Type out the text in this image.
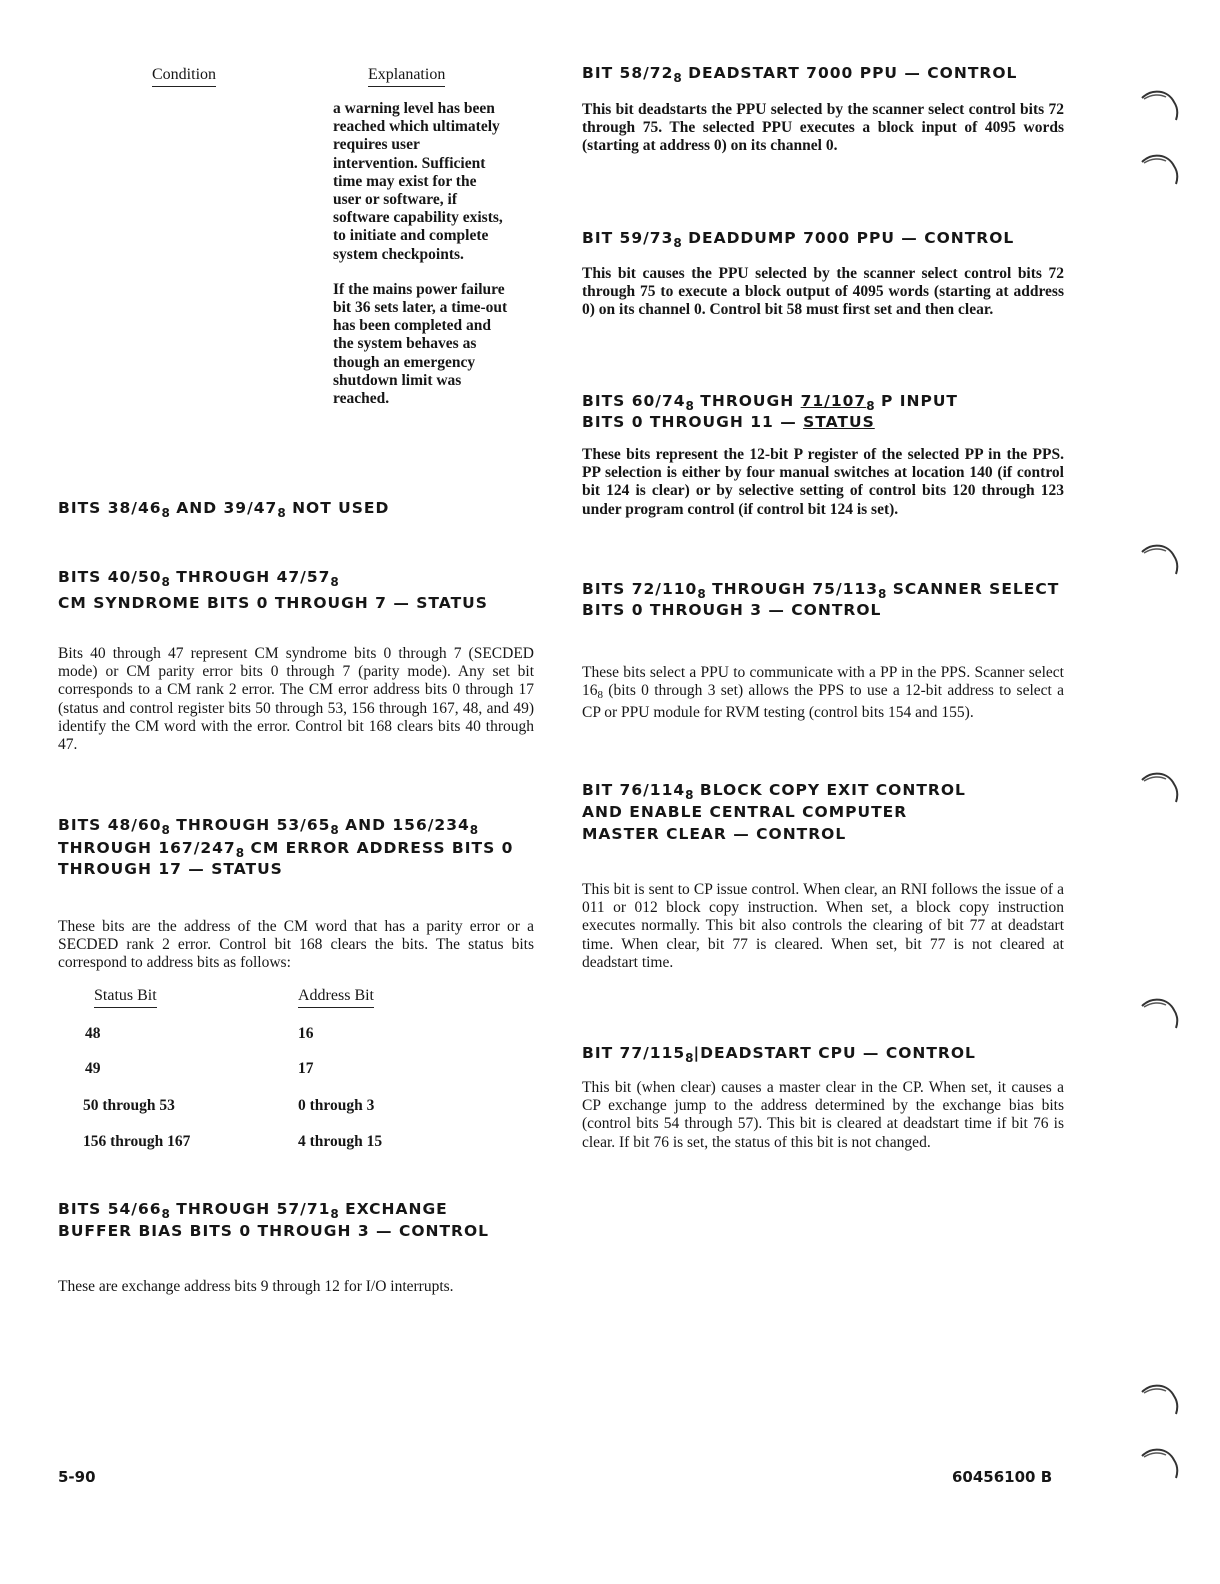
Condition	Explanation

a warning level has been reached which ultimately requires user intervention. Sufficient time may exist for the user or software, if software capability exists, to initiate and complete system checkpoints.

If the mains power failure bit 36 sets later, a time-out has been completed and the system behaves as though an emergency shutdown limit was reached.

BITS $38/46_8$ AND $39/47_8$ NOT USED
BITS $40/50_8$ THROUGH $47/57_8$
CM SYNDROME BITS 0 THROUGH 7 — STATUS

Bits 40 through 47 represent CM syndrome bits 0 through 7 (SECDED mode) or CM parity error bits 0 through 7 (parity mode). Any set bit corresponds to a CM rank 2 error. The CM error address bits 0 through 17 (status and control register bits 50 through 53, 156 through 167, 48, and 49) identify the CM word with the error. Control bit 168 clears bits 40 through 47.

BITS $48/60_8$ THROUGH $53/65_8$ AND $156/234_8$
THROUGH $167/247_8$ CM ERROR ADDRESS BITS 0
THROUGH 17 — STATUS

These bits are the address of the CM word that has a parity error or a SECDED rank 2 error. Control bit 168 clears the bits. The status bits correspond to address bits as follows:

Status Bit	Address Bit
48	16
49	17
50 through 53	0 through 3
156 through 167	4 through 15
BITS $54/66_8$ THROUGH $57/71_8$ EXCHANGE
BUFFER BIAS BITS 0 THROUGH 3 — CONTROL

These are exchange address bits 9 through 12 for I/O interrupts.

5-90
BIT $58/72_8$ DEADSTART 7000 PPU — CONTROL

This bit deadstarts the PPU selected by the scanner select control bits 72 through 75. The selected PPU executes a block input of 4095 words (starting at address 0) on its channel 0.

BIT $59/73_8$ DEADDUMP 7000 PPU — CONTROL

This bit causes the PPU selected by the scanner select control bits 72 through 75 to execute a block output of 4095 words (starting at address 0) on its channel 0. Control bit 58 must first set and then clear.

BITS $60/74_8$ THROUGH $71/107_8$ P INPUT
BITS 0 THROUGH 11 — STATUS

These bits represent the 12-bit P register of the selected PP in the PPS. PP selection is either by four manual switches at location 140 (if control bit 124 is clear) or by selective setting of control bits 120 through 123 under program control (if control bit 124 is set).

BITS $72/110_8$ THROUGH $75/113_8$ SCANNER SELECT
BITS 0 THROUGH 3 — CONTROL

These bits select a PPU to communicate with a PP in the PPS. Scanner select $16_8$ (bits 0 through 3 set) allows the PPS to use a 12-bit address to select a CP or PPU module for RVM testing (control bits 154 and 155).

BIT $76/114_8$ BLOCK COPY EXIT CONTROL
AND ENABLE CENTRAL COMPUTER
MASTER CLEAR — CONTROL

This bit is sent to CP issue control. When clear, an RNI follows the issue of a 011 or 012 block copy instruction. When set, a block copy instruction executes normally. This bit also controls the clearing of bit 77 at deadstart time. When clear, bit 77 is cleared. When set, bit 77 is not cleared at deadstart time.

BIT $77/115_8|DEADSTART$ CPU — CONTROL

This bit (when clear) causes a master clear in the CP. When set, it causes a CP exchange jump to the address determined by the exchange bias bits (control bits 54 through 57). This bit is cleared at deadstart time if bit 76 is clear. If bit 76 is set, the status of this bit is not changed.

60456100 B
